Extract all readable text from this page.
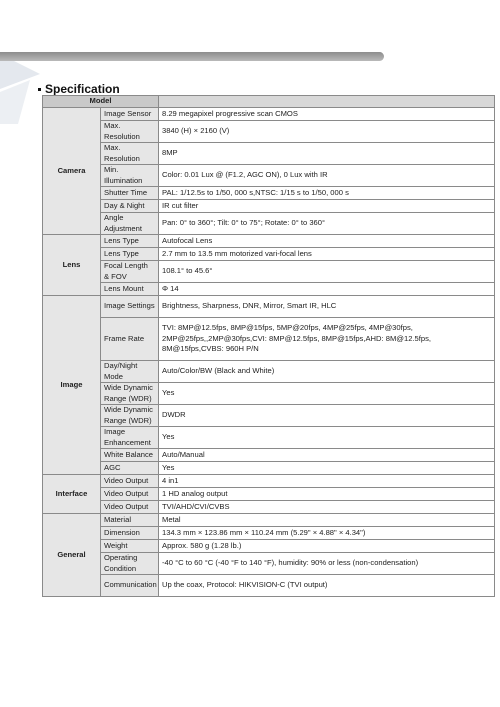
Specification
Model		
Camera	Image Sensor	8.29 megapixel progressive scan CMOS
	Max. Resolution	3840 (H) × 2160 (V)
	Max. Resolution	8MP
	Min. Illumination	Color: 0.01 Lux @ (F1.2, AGC ON), 0 Lux with IR
	Shutter Time	PAL: 1/12.5s to 1/50, 000 s,NTSC: 1/15 s to 1/50, 000 s
	Day & Night	IR cut filter
	Angle Adjustment	Pan: 0° to 360°; Tilt: 0° to 75°; Rotate: 0° to 360°
Lens	Lens Type	Autofocal Lens
	Lens Type	2.7 mm to 13.5 mm motorized vari-focal lens
	Focal Length & FOV	108.1° to 45.6°
	Lens Mount	Φ 14
Image	Image Settings	Brightness, Sharpness, DNR, Mirror, Smart IR, HLC
	Frame Rate	TVI: 8MP@12.5fps, 8MP@15fps, 5MP@20fps, 4MP@25fps, 4MP@30fps, 2MP@25fps,,2MP@30fps,CVI: 8MP@12.5fps, 8MP@15fps,AHD: 8M@12.5fps, 8M@15fps,CVBS: 960H P/N
	Day/Night Mode	Auto/Color/BW (Black and White)
	Wide Dynamic Range (WDR)	Yes
	Wide Dynamic Range (WDR)	DWDR
	Image Enhancement	Yes
	White Balance	Auto/Manual
	AGC	Yes
Interface	Video Output	4 in1
	Video Output	1 HD analog output
	Video Output	TVI/AHD/CVI/CVBS
General	Material	Metal
	Dimension	134.3 mm × 123.86 mm × 110.24 mm (5.29" × 4.88" × 4.34")
	Weight	Approx. 580 g (1.28 lb.)
	Operating Condition	-40 °C to 60 °C (-40 °F to 140 °F), humidity: 90% or less (non-condensation)
	Communication	Up the coax, Protocol: HIKVISION-C (TVI output)
